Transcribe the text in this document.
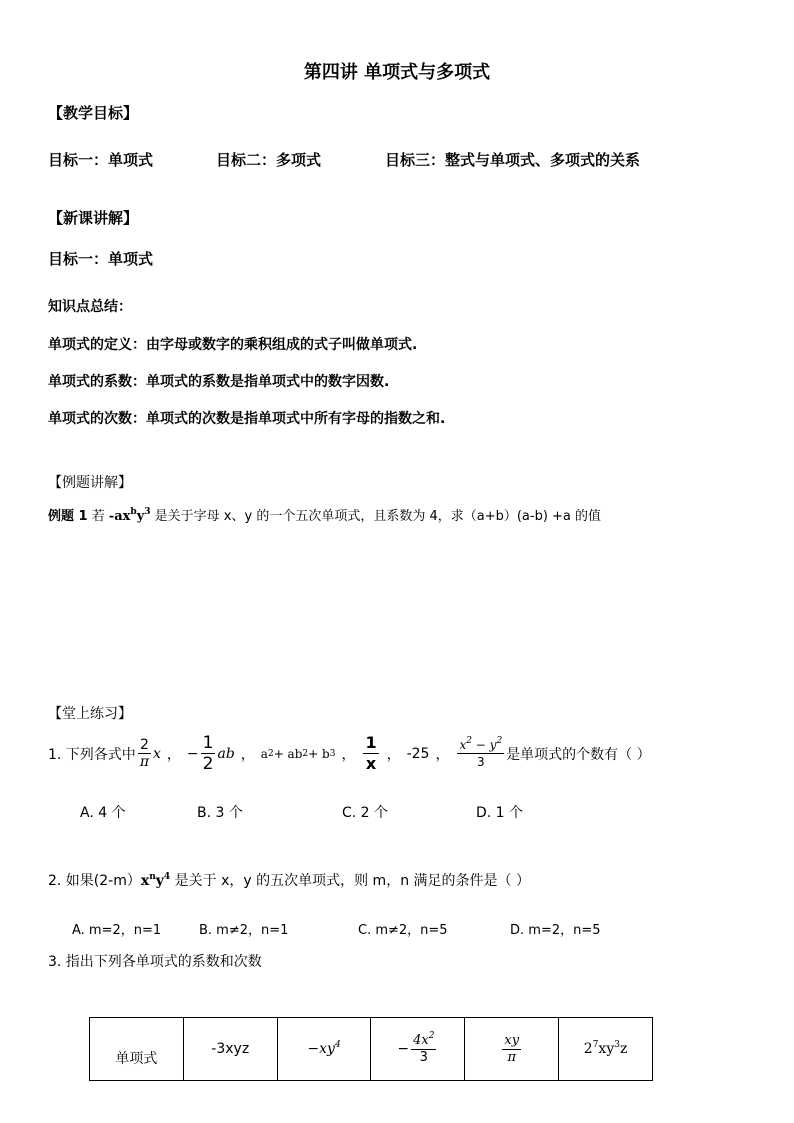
第四讲 单项式与多项式
【教学目标】
目标一：单项式	目标二：多项式	目标三：整式与单项式、多项式的关系
【新课讲解】
目标一：单项式
知识点总结：
单项式的定义：由字母或数字的乘积组成的式子叫做单项式.
单项式的系数：单项式的系数是指单项式中的数字因数.
单项式的次数：单项式的次数是指单项式中所有字母的指数之和.
【例题讲解】
例题 1 若 $-ax^by^3$ 是关于字母 x、y 的一个五次单项式，且系数为 4，求（a+b）(a-b) +a 的值
【堂上练习】
1. 下列各式中 $\frac{2}{\pi}$ x ， − $\frac{1}{2}$ ab ， a 2 + ab 2 + b 3 ， $\frac{1}{x}$ ， -25 ， $\frac{x^2 - y^2}{3}$ 是单项式的个数有（ ）
A. 4 个	B. 3 个	C. 2 个	D. 1 个
2. 如果$(2-m)x^ny^4$ 是关于 x，y 的五次单项式，则 m，n 满足的条件是（ ）
A. m=2，n=1	B. m≠2，n=1	C. m≠2，n=5	D. m=2，n=5
3. 指出下列各单项式的系数和次数
单项式	-3xyz	$-xy^4$	− $\frac{4x^2}{3}$	$\frac{xy}{\pi}$	$2^7xy^3z$
